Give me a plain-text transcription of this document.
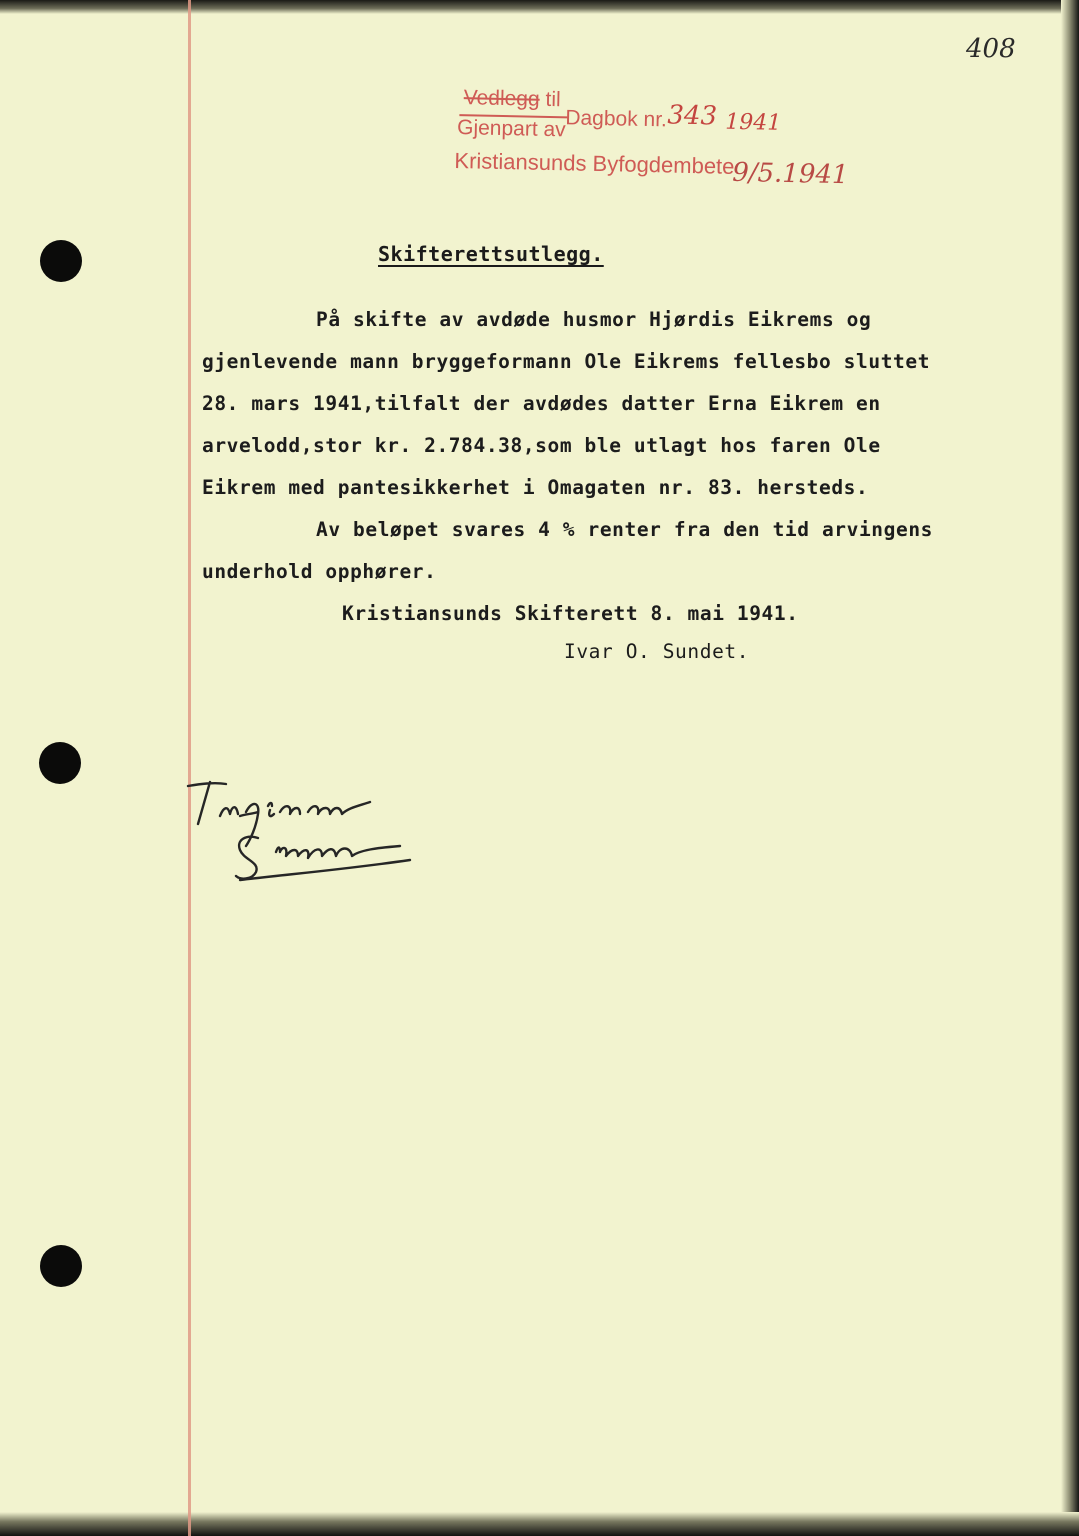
408
Vedlegg til
Gjenpart av Dagbok nr. 343 1941
Kristiansunds Byfogdembete
9/5.1941
Skifterettsutlegg.
På skifte av avdøde husmor Hjørdis Eikrems og
gjenlevende mann bryggeformann Ole Eikrems fellesbo sluttet
28. mars 1941,tilfalt der avdødes datter Erna Eikrem en
arvelodd,stor kr. 2.784.38,som ble utlagt hos faren Ole
Eikrem med pantesikkerhet i Omagaten nr. 83. hersteds.
Av beløpet svares 4 % renter fra den tid arvingens
underhold opphører.
Kristiansunds Skifterett 8. mai 1941.
Ivar O. Sundet.
